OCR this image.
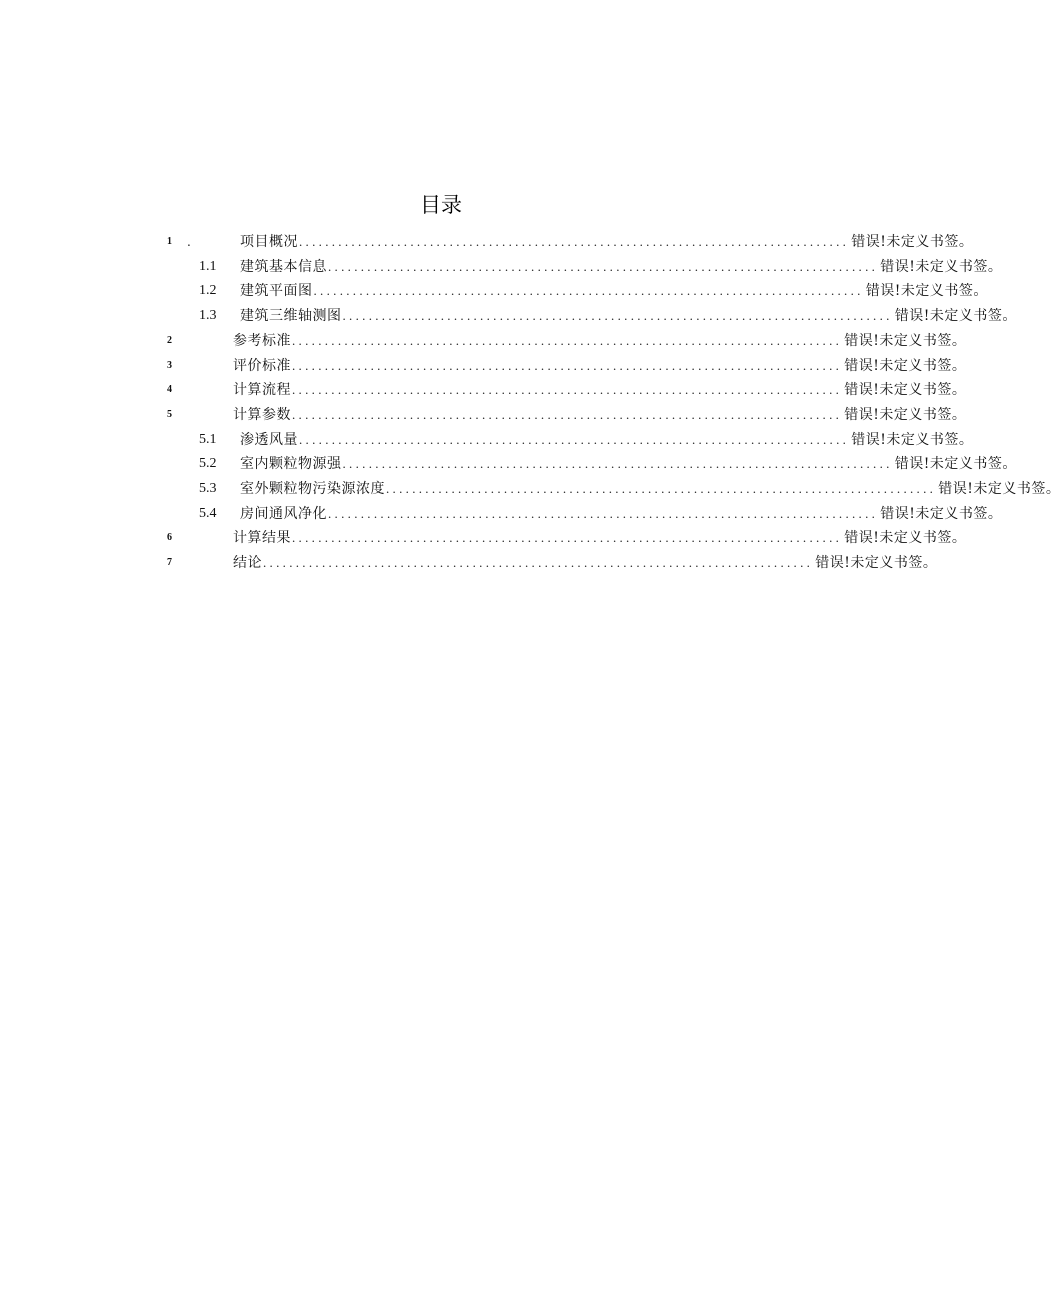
目录
1 .	项目概况 .................................................................................... 错误!未定义书签。
1.1 建筑基本信息 .................................................................................... 错误!未定义书签。
1.2 建筑平面图 .................................................................................... 错误!未定义书签。
1.3 建筑三维轴测图 .................................................................................... 错误!未定义书签。
2	参考标准 .................................................................................... 错误!未定义书签。
3	评价标准 .................................................................................... 错误!未定义书签。
4	计算流程 .................................................................................... 错误!未定义书签。
5	计算参数 .................................................................................... 错误!未定义书签。
5.1 渗透风量 .................................................................................... 错误!未定义书签。
5.2 室内颗粒物源强 .................................................................................... 错误!未定义书签。
5.3 室外颗粒物污染源浓度 .................................................................................... 错误!未定义书签。
5.4 房间通风净化 .................................................................................... 错误!未定义书签。
6	计算结果 .................................................................................... 错误!未定义书签。
7	结论 .................................................................................... 错误!未定义书签。
